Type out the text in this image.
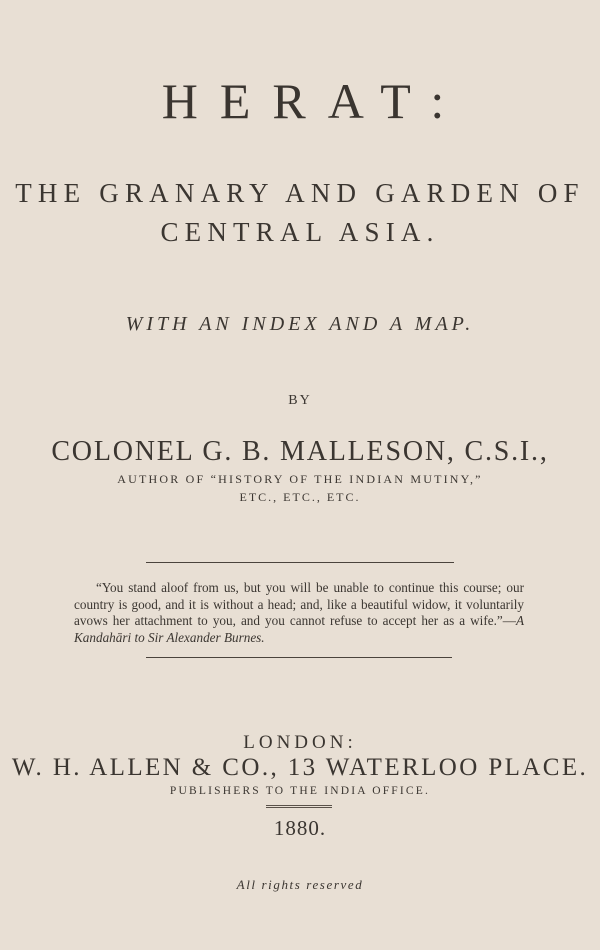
HERAT:
THE GRANARY AND GARDEN OF
CENTRAL ASIA.
WITH AN INDEX AND A MAP.
BY
COLONEL G. B. MALLESON, C.S.I.,
AUTHOR OF “HISTORY OF THE INDIAN MUTINY,”
ETC., ETC., ETC.

“You stand aloof from us, but you will be unable to continue this course; our country is good, and it is without a head; and, like a beautiful widow, it voluntarily avows her attachment to you, and you cannot refuse to accept her as a wife.”—A Kandahāri to Sir Alexander Burnes.

LONDON:
W. H. ALLEN & CO., 13 WATERLOO PLACE.
PUBLISHERS TO THE INDIA OFFICE.
1880.
All rights reserved
